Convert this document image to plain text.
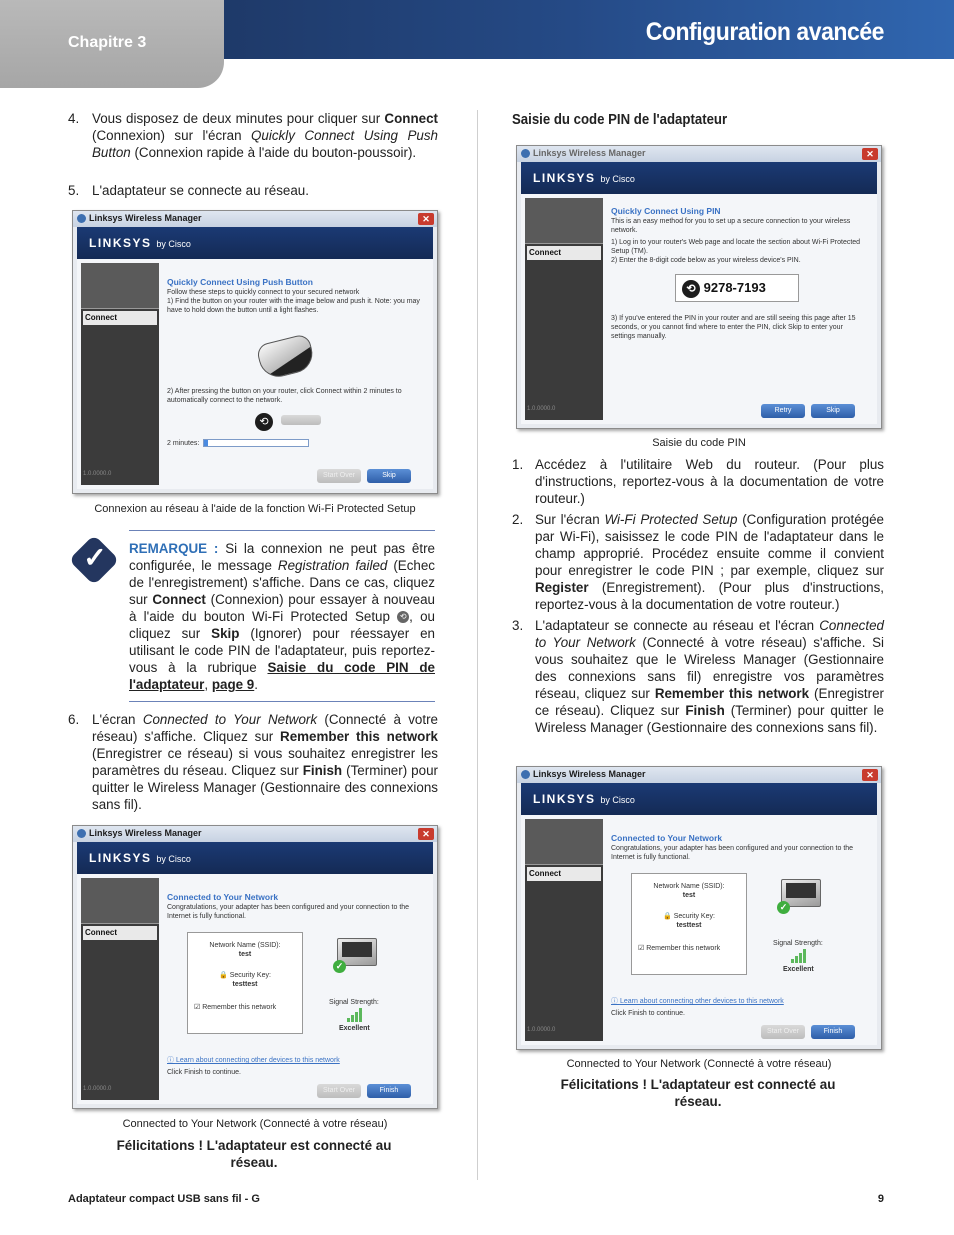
Chapitre 3	Configuration avancée
4. Vous disposez de deux minutes pour cliquer sur Connect (Connexion) sur l'écran Quickly Connect Using Push Button (Connexion rapide à l'aide du bouton-poussoir).
5. L'adaptateur se connecte au réseau.
Linksys Wireless Manager	✕
LINKSYS by Cisco
Connect
Quickly Connect Using Push Button
Follow these steps to quickly connect to your secured network
1) Find the button on your router with the image below and push it. Note: you may have to hold down the button until a light flashes.
2) After pressing the button on your router, click Connect within 2 minutes to automatically connect to the network.
⟲
2 minutes:
Start Over	Skip
1.0.0000.0
Connexion au réseau à l'aide de la fonction Wi-Fi Protected Setup
✓ REMARQUE : Si la connexion ne peut pas être configurée, le message Registration failed (Echec de l'enregistrement) s'affiche. Dans ce cas, cliquez sur Connect (Connexion) pour essayer à nouveau à l'aide du bouton Wi-Fi Protected Setup ⟲ , ou cliquez sur Skip (Ignorer) pour réessayer en utilisant le code PIN de l'adaptateur, puis reportez-vous à la rubrique Saisie du code PIN de l'adaptateur, page 9.
6. L'écran Connected to Your Network (Connecté à votre réseau) s'affiche. Cliquez sur Remember this network (Enregistrer ce réseau) si vous souhaitez enregistrer les paramètres du réseau. Cliquez sur Finish (Terminer) pour quitter le Wireless Manager (Gestionnaire des connexions sans fil).
Linksys Wireless Manager	✕
LINKSYS by Cisco
Connect
Connected to Your Network
Congratulations, your adapter has been configured and your connection to the Internet is fully functional.
Network Name (SSID):
test
🔒 Security Key:
testtest
☑ Remember this network
✓
Signal Strength:
Excellent
ⓘ Learn about connecting other devices to this network
Click Finish to continue.
Start Over	Finish
1.0.0000.0
Connected to Your Network (Connecté à votre réseau)
Félicitations ! L'adaptateur est connecté au réseau.
Saisie du code PIN de l'adaptateur
Linksys Wireless Manager	✕
LINKSYS by Cisco
Connect
Quickly Connect Using PIN
This is an easy method for you to set up a secure connection to your wireless network.
1) Log in to your router's Web page and locate the section about Wi-Fi Protected Setup (TM).
2) Enter the 8-digit code below as your wireless device's PIN.
⟲ 9278-7193
3) If you've entered the PIN in your router and are still seeing this page after 15 seconds, or you cannot find where to enter the PIN, click Skip to enter your settings manually.
Retry	Skip
1.0.0000.0
Saisie du code PIN
1. Accédez à l'utilitaire Web du routeur. (Pour plus d'instructions, reportez-vous à la documentation de votre routeur.)
2. Sur l'écran Wi-Fi Protected Setup (Configuration protégée par Wi-Fi), saisissez le code PIN de l'adaptateur dans le champ approprié. Procédez ensuite comme il convient pour enregistrer le code PIN ; par exemple, cliquez sur Register (Enregistrement). (Pour plus d'instructions, reportez-vous à la documentation de votre routeur.)
3. L'adaptateur se connecte au réseau et l'écran Connected to Your Network (Connecté à votre réseau) s'affiche. Si vous souhaitez que le Wireless Manager (Gestionnaire des connexions sans fil) enregistre vos paramètres réseau, cliquez sur Remember this network (Enregistrer ce réseau). Cliquez sur Finish (Terminer) pour quitter le Wireless Manager (Gestionnaire des connexions sans fil).
Linksys Wireless Manager	✕
LINKSYS by Cisco
Connect
Connected to Your Network
Congratulations, your adapter has been configured and your connection to the Internet is fully functional.
Network Name (SSID):
test
🔒 Security Key:
testtest
☑ Remember this network
✓
Signal Strength:
Excellent
ⓘ Learn about connecting other devices to this network
Click Finish to continue.
Start Over	Finish
1.0.0000.0
Connected to Your Network (Connecté à votre réseau)
Félicitations ! L'adaptateur est connecté au réseau.
Adaptateur compact USB sans fil - G	9
